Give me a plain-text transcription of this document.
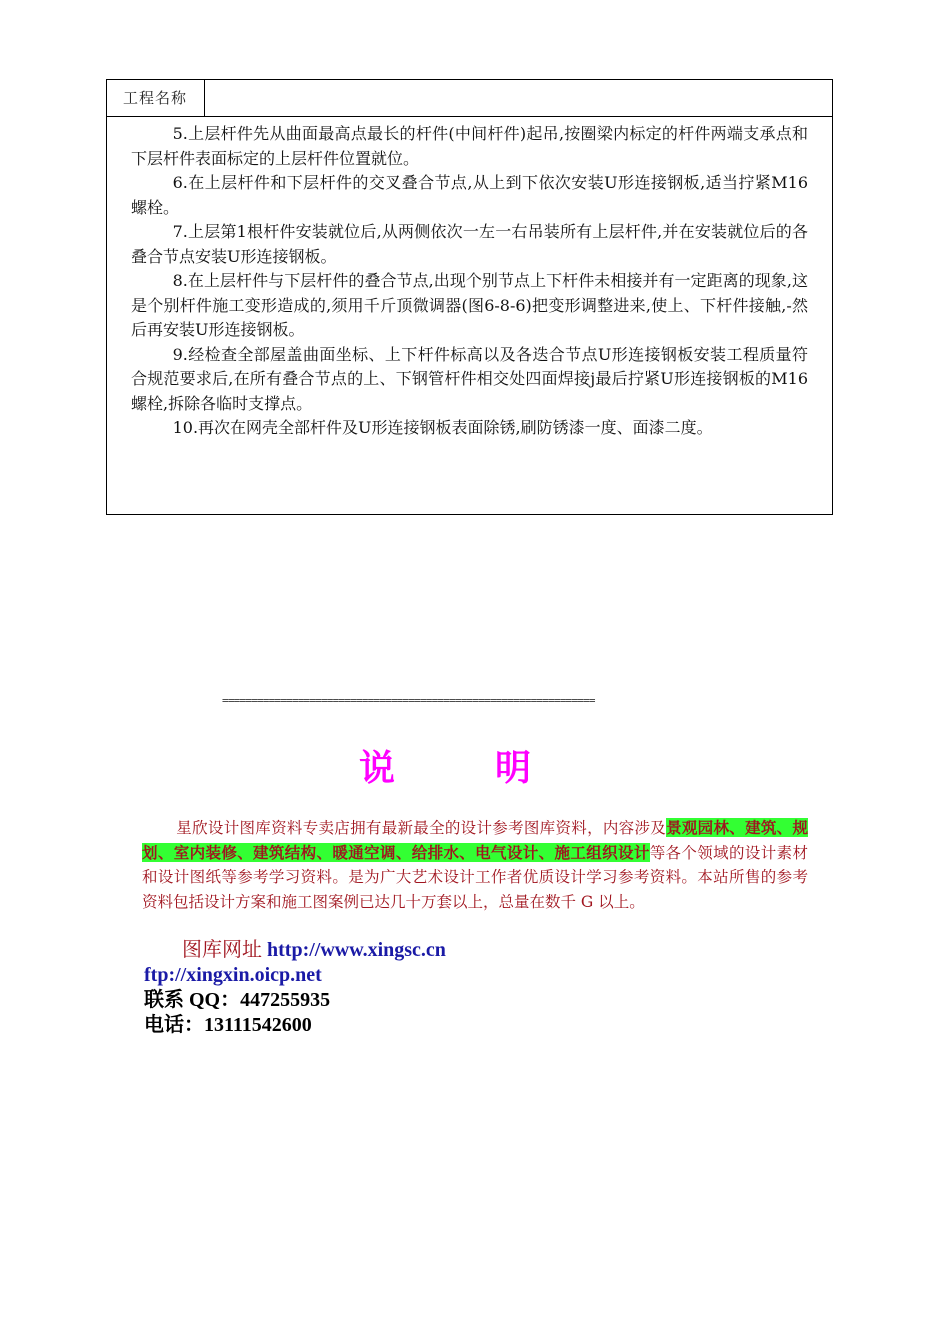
工程名称

5.上层杆件先从曲面最高点最长的杆件(中间杆件)起吊,按圈梁内标定的杆件两端支承点和下层杆件表面标定的上层杆件位置就位。

6.在上层杆件和下层杆件的交叉叠合节点,从上到下依次安装U形连接钢板,适当拧紧M16螺栓。

7.上层第1根杆件安装就位后,从两侧依次一左一右吊装所有上层杆件,并在安装就位后的各叠合节点安装U形连接钢板。

8.在上层杆件与下层杆件的叠合节点,出现个别节点上下杆件未相接并有一定距离的现象,这是个别杆件施工变形造成的,须用千斤顶微调器(图6-8-6)把变形调整进来,使上、下杆件接触,-然后再安装U形连接钢板。

9.经检查全部屋盖曲面坐标、上下杆件标高以及各迭合节点U形连接钢板安装工程质量符合规范要求后,在所有叠合节点的上、下钢管杆件相交处四面焊接j最后拧紧U形连接钢板的M16螺栓,拆除各临时支撑点。

10.再次在网壳全部杆件及U形连接钢板表面除锈,刷防锈漆一度、面漆二度。

================================================================
说明
星欣设计图库资料专卖店拥有最新最全的设计参考图库资料，内容涉及景观园林、建筑、规划、室内装修、建筑结构、暖通空调、给排水、电气设计、施工组织设计等各个领域的设计素材和设计图纸等参考学习资料。是为广大艺术设计工作者优质设计学习参考资料。本站所售的参考资料包括设计方案和施工图案例已达几十万套以上，总量在数千 G 以上。
图库网址 http://www.xingsc.cn
ftp://xingxin.oicp.net
联系 QQ：447255935
电话：13111542600
